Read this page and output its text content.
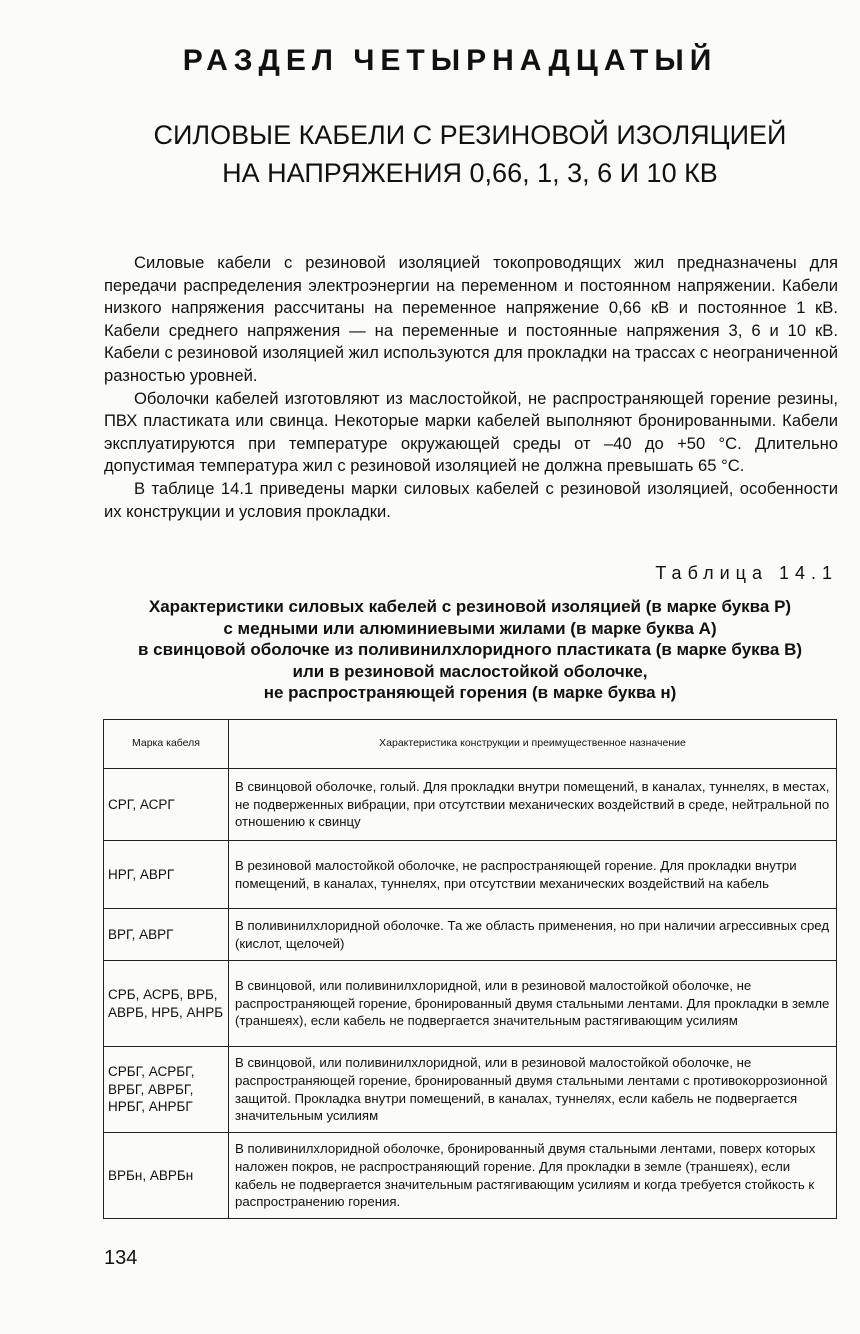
РАЗДЕЛ ЧЕТЫРНАДЦАТЫЙ
СИЛОВЫЕ КАБЕЛИ С РЕЗИНОВОЙ ИЗОЛЯЦИЕЙ
НА НАПРЯЖЕНИЯ 0,66, 1, 3, 6 И 10 КВ

Силовые кабели с резиновой изоляцией токопроводящих жил предназначены для передачи распределения электроэнергии на переменном и постоянном напряжении. Кабели низкого напряжения рассчитаны на переменное напряжение 0,66 кВ и постоянное 1 кВ. Кабели среднего напряжения — на переменные и постоянные напряжения 3, 6 и 10 кВ. Кабели с резиновой изоляцией жил используются для прокладки на трассах с неограниченной разностью уровней.

Оболочки кабелей изготовляют из маслостойкой, не распространяющей горение резины, ПВХ пластиката или свинца. Некоторые марки кабелей выполняют бронированными. Кабели эксплуатируются при температуре окружающей среды от –40 до +50 °С. Длительно допустимая температура жил с резиновой изоляцией не должна превышать 65 °С.

В таблице 14.1 приведены марки силовых кабелей с резиновой изоляцией, особенности их конструкции и условия прокладки.

Таблица 14.1
Характеристики силовых кабелей с резиновой изоляцией (в марке буква Р)
с медными или алюминиевыми жилами (в марке буква А)
в свинцовой оболочке из поливинилхлоридного пластиката (в марке буква В)
или в резиновой маслостойкой оболочке,
не распространяющей горения (в марке буква н)
Марка кабеля	Характеристика конструкции и преимущественное назначение
СРГ, АСРГ	В свинцовой оболочке, голый. Для прокладки внутри помещений, в каналах, туннелях, в местах, не подверженных вибрации, при отсутствии механических воздействий в среде, нейтральной по отношению к свинцу
НРГ, АВРГ	В резиновой малостойкой оболочке, не распространяющей горение. Для прокладки внутри помещений, в каналах, туннелях, при отсутствии механических воздействий на кабель
ВРГ, АВРГ	В поливинилхлоридной оболочке. Та же область применения, но при наличии агрессивных сред (кислот, щелочей)
СРБ, АСРБ, ВРБ, АВРБ, НРБ, АНРБ	В свинцовой, или поливинилхлоридной, или в резиновой малостойкой оболочке, не распространяющей горение, бронированный двумя стальными лентами. Для прокладки в земле (траншеях), если кабель не подвергается значительным растягивающим усилиям
СРБГ, АСРБГ, ВРБГ, АВРБГ, НРБГ, АНРБГ	В свинцовой, или поливинилхлоридной, или в резиновой малостойкой оболочке, не распространяющей горение, бронированный двумя стальными лентами с противокоррозионной защитой. Прокладка внутри помещений, в каналах, туннелях, если кабель не подвергается значительным усилиям
ВРБн, АВРБн	В поливинилхлоридной оболочке, бронированный двумя стальными лентами, поверх которых наложен покров, не распространяющий горение. Для прокладки в земле (траншеях), если кабель не подвергается значительным растягивающим усилиям и когда требуется стойкость к распространению горения.
134
